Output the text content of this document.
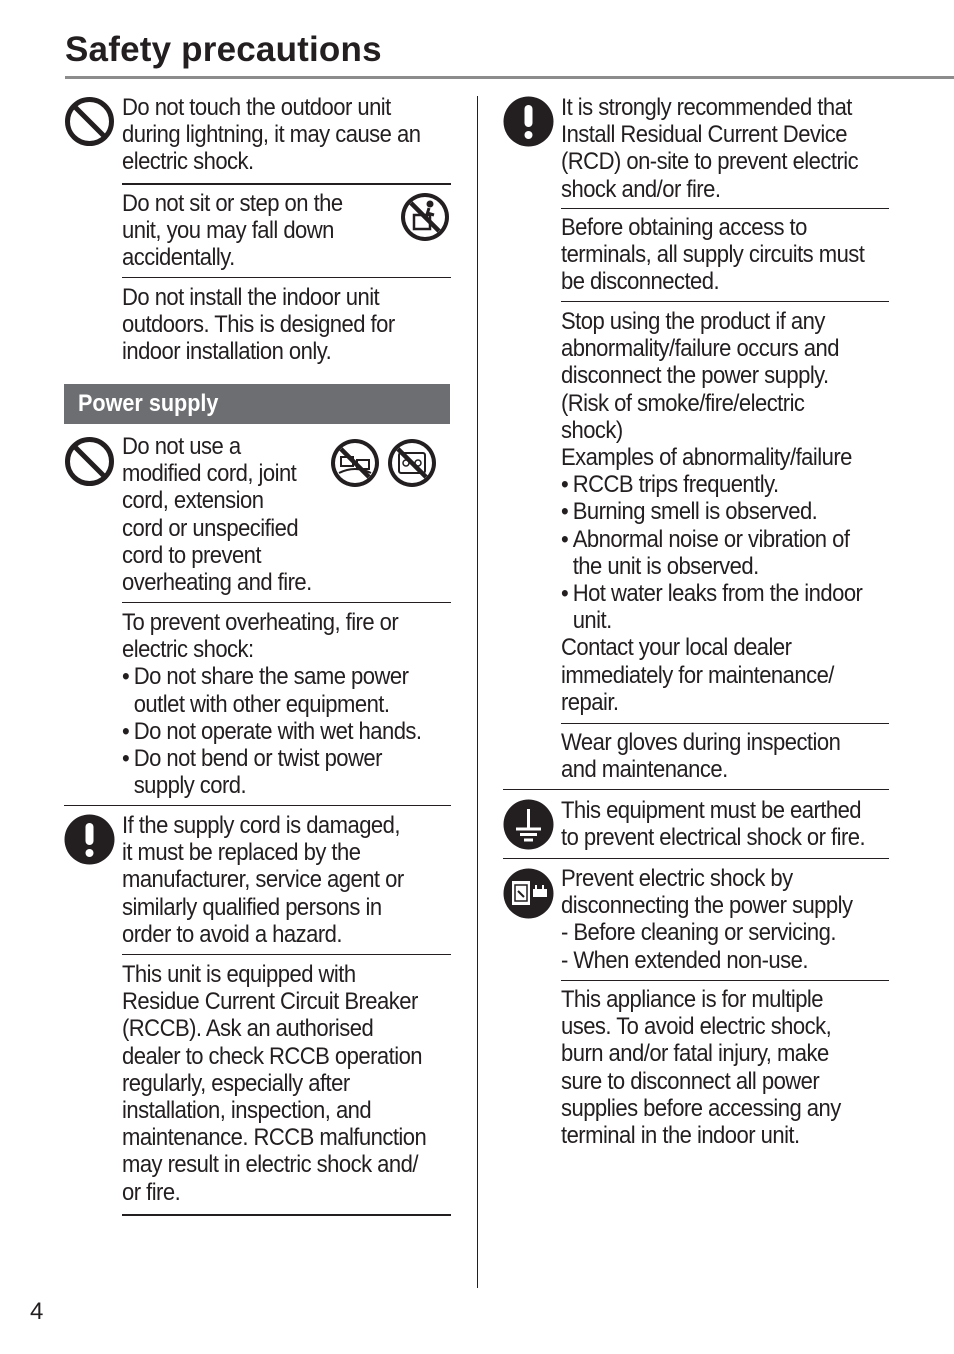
Safety precautions
Do not touch the outdoor unit
during lightning, it may cause an
electric shock.
Do not sit or step on the
unit, you may fall down
accidentally.
Do not install the indoor unit
outdoors. This is designed for
indoor installation only.
Power supply
Do not use a
modified cord, joint
cord, extension
cord or unspecified
cord to prevent
overheating and fire.
To prevent overheating, fire or
electric shock:
• Do not share the same power
outlet with other equipment.
• Do not operate with wet hands.
• Do not bend or twist power
supply cord.
If the supply cord is damaged,
it must be replaced by the
manufacturer, service agent or
similarly qualified persons in
order to avoid a hazard.
This unit is equipped with
Residue Current Circuit Breaker
(RCCB). Ask an authorised
dealer to check RCCB operation
regularly, especially after
installation, inspection, and
maintenance. RCCB malfunction
may result in electric shock and/
or fire.
It is strongly recommended that
Install Residual Current Device
(RCD) on-site to prevent electric
shock and/or fire.
Before obtaining access to
terminals, all supply circuits must
be disconnected.
Stop using the product if any
abnormality/failure occurs and
disconnect the power supply.
(Risk of smoke/fire/electric
shock)
Examples of abnormality/failure
• RCCB trips frequently.
• Burning smell is observed.
• Abnormal noise or vibration of
the unit is observed.
• Hot water leaks from the indoor
unit.
Contact your local dealer
immediately for maintenance/
repair.
Wear gloves during inspection
and maintenance.
This equipment must be earthed
to prevent electrical shock or fire.
Prevent electric shock by
disconnecting the power supply
- Before cleaning or servicing.
- When extended non-use.
This appliance is for multiple
uses. To avoid electric shock,
burn and/or fatal injury, make
sure to disconnect all power
supplies before accessing any
terminal in the indoor unit.
4
